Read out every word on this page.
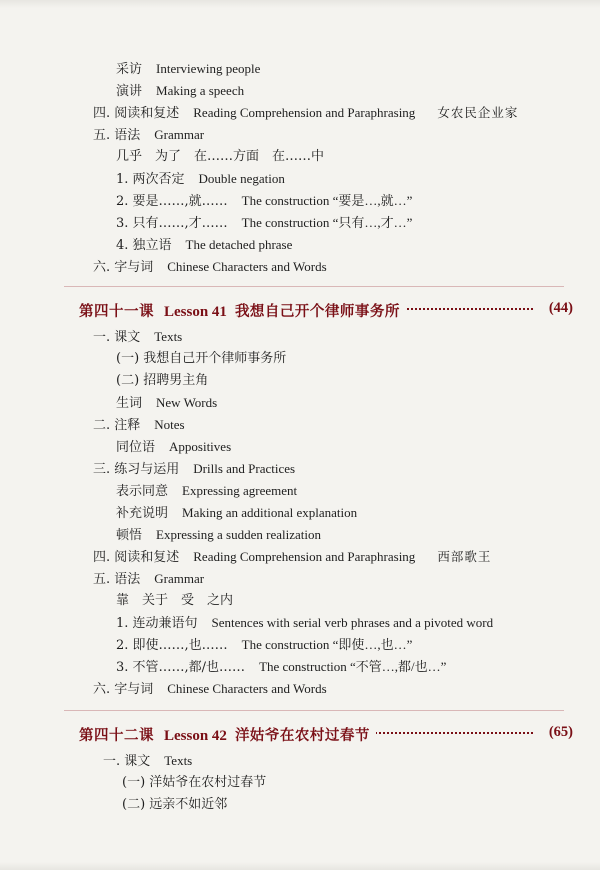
采访 Interviewing people
演讲 Making a speech
四. 阅读和复述 Reading Comprehension and Paraphrasing 女农民企业家
五. 语法 Grammar
几乎　为了　在……方面　在……中
1. 两次否定 Double negation
2. 要是……,就…… The construction “要是…,就…”
3. 只有……,才…… The construction “只有…,才…”
4. 独立语 The detached phrase
六. 字与词 Chinese Characters and Words
第四十一课 Lesson 41 我想自己开个律师事务所	(44)
一. 课文 Texts
(一) 我想自己开个律师事务所
(二) 招聘男主角
生词 New Words
二. 注释 Notes
同位语 Appositives
三. 练习与运用 Drills and Practices
表示同意 Expressing agreement
补充说明 Making an additional explanation
顿悟 Expressing a sudden realization
四. 阅读和复述 Reading Comprehension and Paraphrasing 西部歌王
五. 语法 Grammar
靠　关于　受　之内
1. 连动兼语句 Sentences with serial verb phrases and a pivoted word
2. 即使……,也…… The construction “即使…,也…”
3. 不管……,都/也…… The construction “不管…,都/也…”
六. 字与词 Chinese Characters and Words
第四十二课 Lesson 42 洋姑爷在农村过春节	(65)
一. 课文 Texts
(一) 洋姑爷在农村过春节
(二) 远亲不如近邻
